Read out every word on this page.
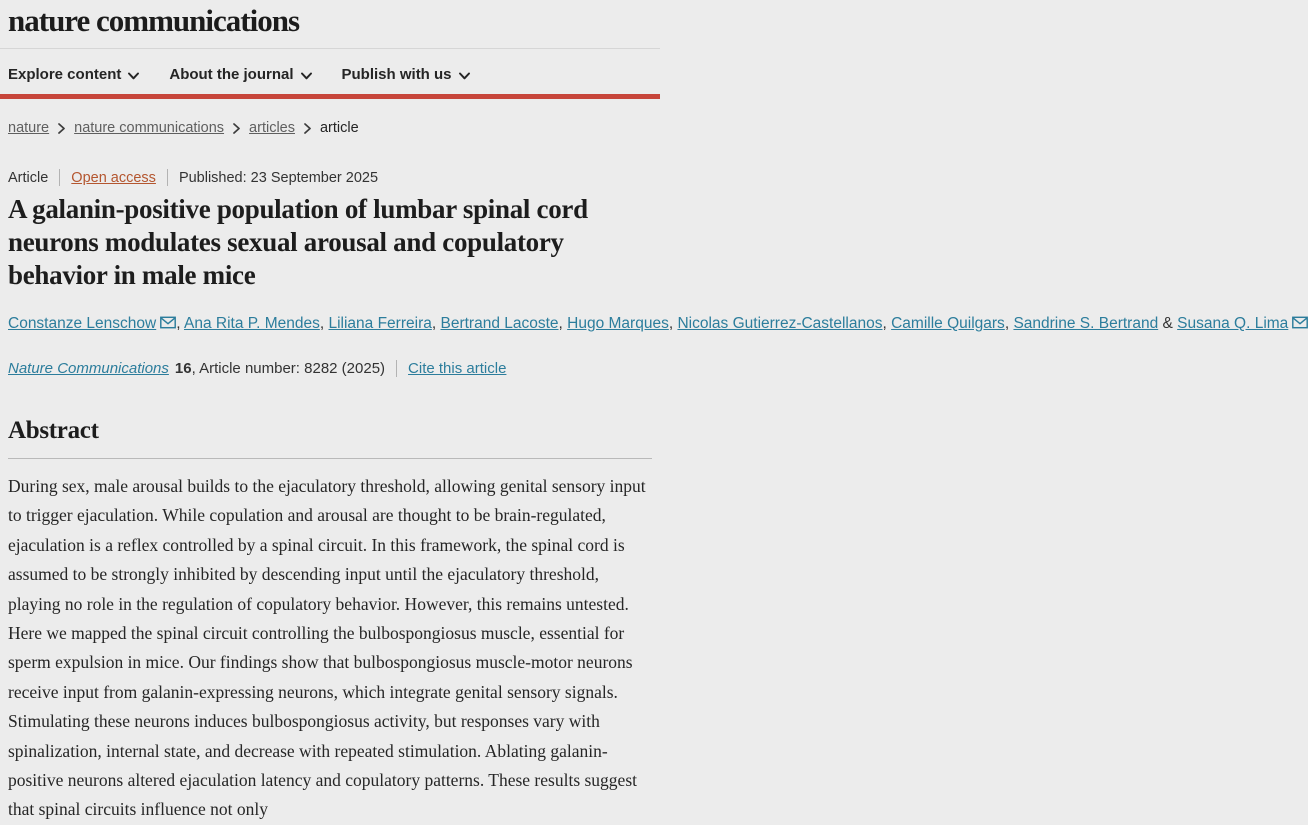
nature communications
Explore content	About the journal	Publish with us
nature nature communications articles article
Article Open access Published: 23 September 2025
A galanin-positive population of lumbar spinal cord neurons modulates sexual arousal and copulatory behavior in male mice

Constanze Lenschow , Ana Rita P. Mendes, Liliana Ferreira, Bertrand Lacoste, Hugo Marques, Nicolas Gutierrez-Castellanos, Camille Quilgars, Sandrine S. Bertrand & Susana Q. Lima

Nature Communications 16 , Article number: 8282 (2025) Cite this article
Abstract

During sex, male arousal builds to the ejaculatory threshold, allowing genital sensory input to trigger ejaculation. While copulation and arousal are thought to be brain-regulated, ejaculation is a reflex controlled by a spinal circuit. In this framework, the spinal cord is assumed to be strongly inhibited by descending input until the ejaculatory threshold, playing no role in the regulation of copulatory behavior. However, this remains untested. Here we mapped the spinal circuit controlling the bulbospongiosus muscle, essential for sperm expulsion in mice. Our findings show that bulbospongiosus muscle-motor neurons receive input from galanin-expressing neurons, which integrate genital sensory signals. Stimulating these neurons induces bulbospongiosus activity, but responses vary with spinalization, internal state, and decrease with repeated stimulation. Ablating galanin-positive neurons altered ejaculation latency and copulatory patterns. These results suggest that spinal circuits influence not only
